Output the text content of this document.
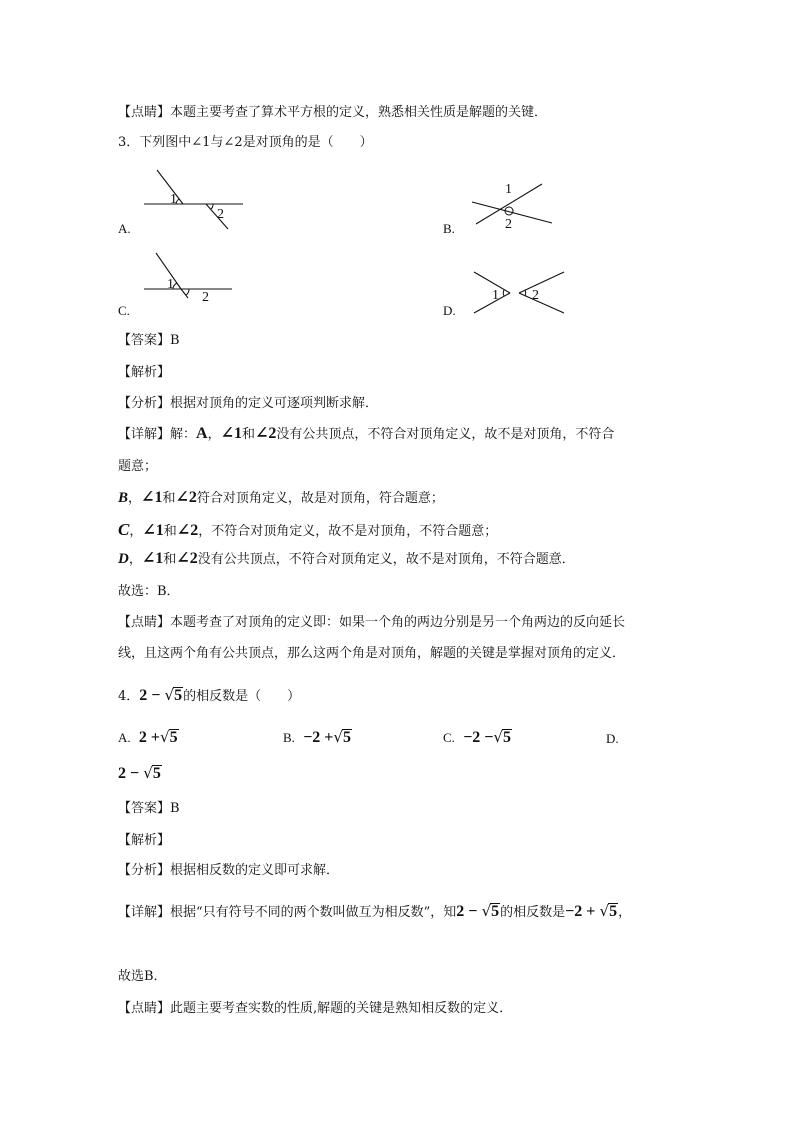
【点睛】本题主要考查了算术平方根的定义，熟悉相关性质是解题的关键．
3．下列图中∠1与∠2是对顶角的是（　　）
1
2
A.
1
2
B.
1
2
C.
1 2
D.
【答案】B
【解析】
【分析】根据对顶角的定义可逐项判断求解．
【详解】解：A，∠1和∠2没有公共顶点，不符合对顶角定义，故不是对顶角，不符合
题意；
B，∠1和∠2符合对顶角定义，故是对顶角，符合题意；
C，∠1和∠2，不符合对顶角定义，故不是对顶角，不符合题意；
D，∠1和∠2没有公共顶点，不符合对顶角定义，故不是对顶角，不符合题意．
故选：B．
【点睛】本题考查了对顶角的定义即：如果一个角的两边分别是另一个角两边的反向延长
线，且这两个角有公共顶点，那么这两个角是对顶角，解题的关键是掌握对顶角的定义．
4．2 − √5的相反数是（　　）
A. 2 +√5	B. −2 +√5	C. −2 −√5	D.
2 − √5
【答案】B
【解析】
【分析】根据相反数的定义即可求解．
【详解】根据“只有符号不同的两个数叫做互为相反数”，知2 − √5的相反数是−2 + √5，
故选B．
【点睛】此题主要考查实数的性质,解题的关键是熟知相反数的定义．
